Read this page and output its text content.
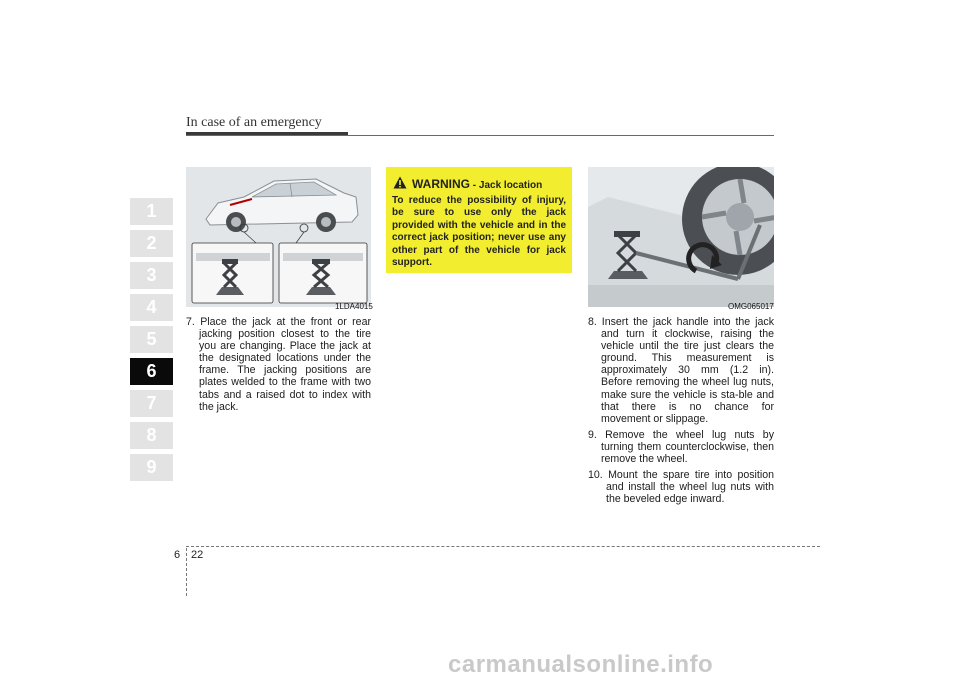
In case of an emergency
1
2
3
4
5
6
7
8
9
1LDA4015

7. Place the jack at the front or rear jacking position closest to the tire you are changing. Place the jack at the designated locations under the frame. The jacking positions are plates welded to the frame with two tabs and a raised dot to index with the jack.

WARNING - Jack location
To reduce the possibility of injury, be sure to use only the jack provided with the vehicle and in the correct jack position; never use any other part of the vehicle for jack support.
OMG065017

8. Insert the jack handle into the jack and turn it clockwise, raising the vehicle until the tire just clears the ground. This measurement is approximately 30 mm (1.2 in). Before removing the wheel lug nuts, make sure the vehicle is sta-ble and that there is no chance for movement or slippage.

9. Remove the wheel lug nuts by turning them counterclockwise, then remove the wheel.

10. Mount the spare tire into position and install the wheel lug nuts with the beveled edge inward.

6 22
carmanualsonline.info
